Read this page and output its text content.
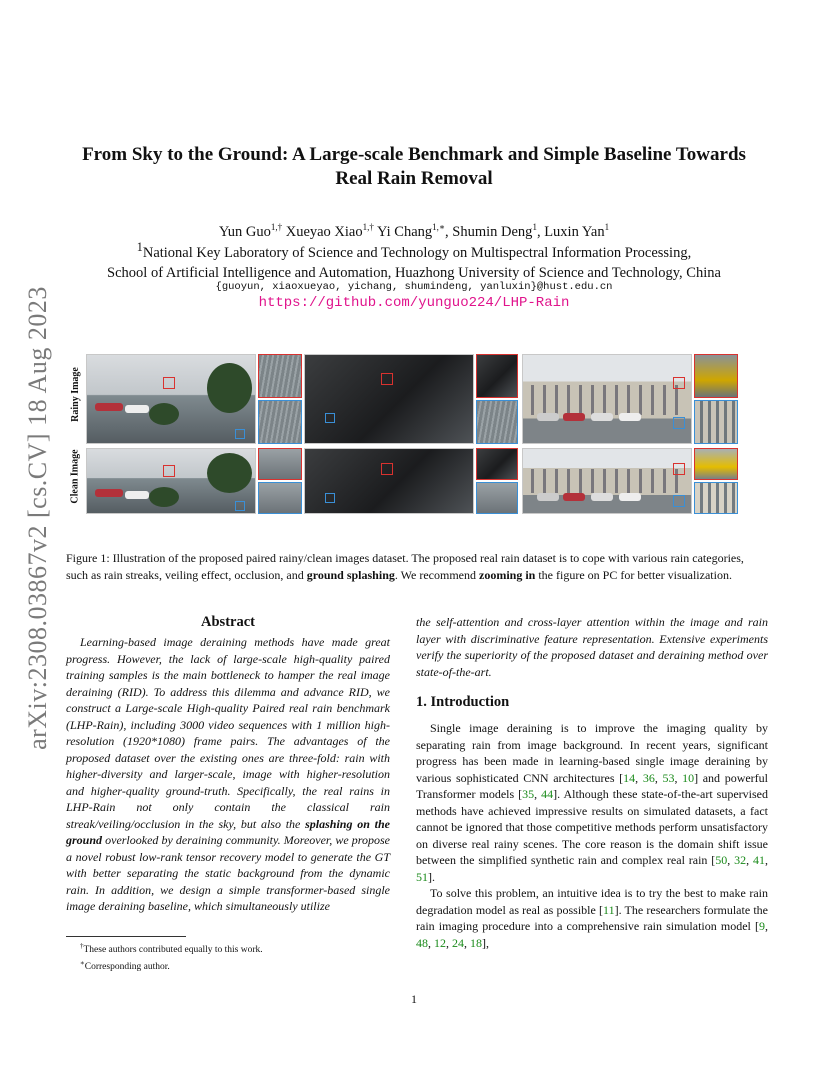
arXiv:2308.03867v2 [cs.CV] 18 Aug 2023
From Sky to the Ground: A Large-scale Benchmark and Simple Baseline Towards
Real Rain Removal
Yun Guo$^{1,\dagger}$ Xueyao Xiao$^{1,\dagger}$ Yi Chang$^{1,∗}$, Shumin Deng$^1$, Luxin Yan$^1$
$^1$National Key Laboratory of Science and Technology on Multispectral Information Processing,
School of Artificial Intelligence and Automation, Huazhong University of Science and Technology, China
{guoyun, xiaoxueyao, yichang, shumindeng, yanluxin}@hust.edu.cn
https://github.com/yunguo224/LHP-Rain
Rainy Image
Clean Image
Figure 1: Illustration of the proposed paired rainy/clean images dataset. The proposed real rain dataset is to cope with various rain categories, such as rain streaks, veiling effect, occlusion, and ground splashing. We recommend zooming in the figure on PC for better visualization.
Abstract
Learning-based image deraining methods have made great progress. However, the lack of large-scale high-quality paired training samples is the main bottleneck to hamper the real image deraining (RID). To address this dilemma and advance RID, we construct a Large-scale High-quality Paired real rain benchmark (LHP-Rain), including 3000 video sequences with 1 million high-resolution (1920*1080) frame pairs. The advantages of the proposed dataset over the existing ones are three-fold: rain with higher-diversity and larger-scale, image with higher-resolution and higher-quality ground-truth. Specifically, the real rains in LHP-Rain not only contain the classical rain streak/veiling/occlusion in the sky, but also the splashing on the ground overlooked by deraining community. Moreover, we propose a novel robust low-rank tensor recovery model to generate the GT with better separating the static background from the dynamic rain. In addition, we design a simple transformer-based single image deraining baseline, which simultaneously utilize
the self-attention and cross-layer attention within the image and rain layer with discriminative feature representation. Extensive experiments verify the superiority of the proposed dataset and deraining method over state-of-the-art.
1. Introduction
Single image deraining is to improve the imaging quality by separating rain from image background. In recent years, significant progress has been made in learning-based single image deraining by various sophisticated CNN architectures [14, 36, 53, 10] and powerful Transformer models [35, 44]. Although these state-of-the-art supervised methods have achieved impressive results on simulated datasets, a fact cannot be ignored that those competitive methods perform unsatisfactory on diverse real rainy scenes. The core reason is the domain shift issue between the simplified synthetic rain and complex real rain [50, 32, 41, 51].
To solve this problem, an intuitive idea is to try the best to make rain degradation model as real as possible [11]. The researchers formulate the rain imaging procedure into a comprehensive rain simulation model [9, 48, 12, 24, 18],
†These authors contributed equally to this work.
∗Corresponding author.
1
